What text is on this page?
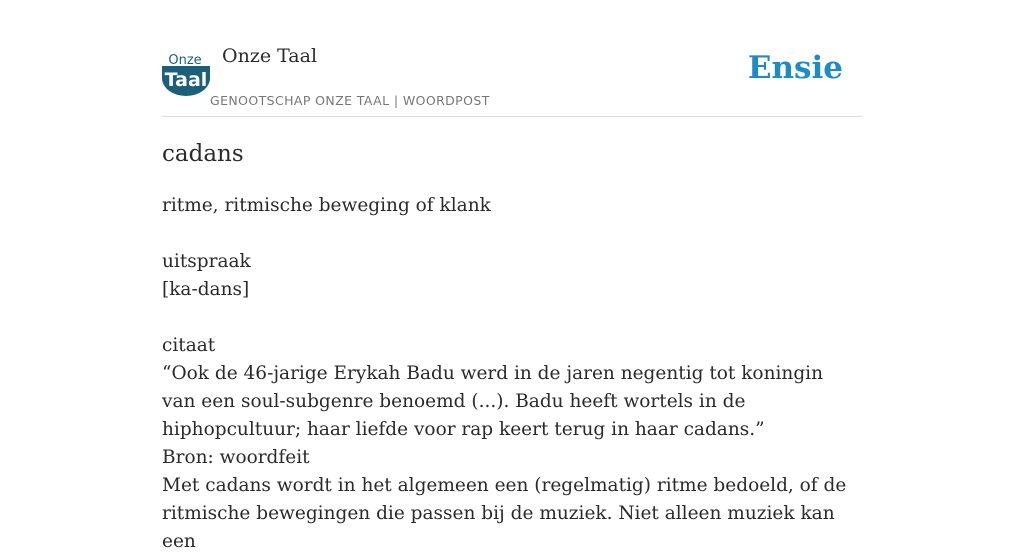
Onze
Taal
Onze Taal
GENOOTSCHAP ONZE TAAL | WOORDPOST
Ensie
cadans

ritme, ritmische beweging of klank

uitspraak

[ka-dans]

citaat

“Ook de 46-jarige Erykah Badu werd in de jaren negentig tot koningin van een soul-subgenre benoemd (...). Badu heeft wortels in de hiphopcultuur; haar liefde voor rap keert terug in haar cadans.”

Bron: woordfeit

Met cadans wordt in het algemeen een (regelmatig) ritme bedoeld, of de ritmische bewegingen die passen bij de muziek. Niet alleen muziek kan een
